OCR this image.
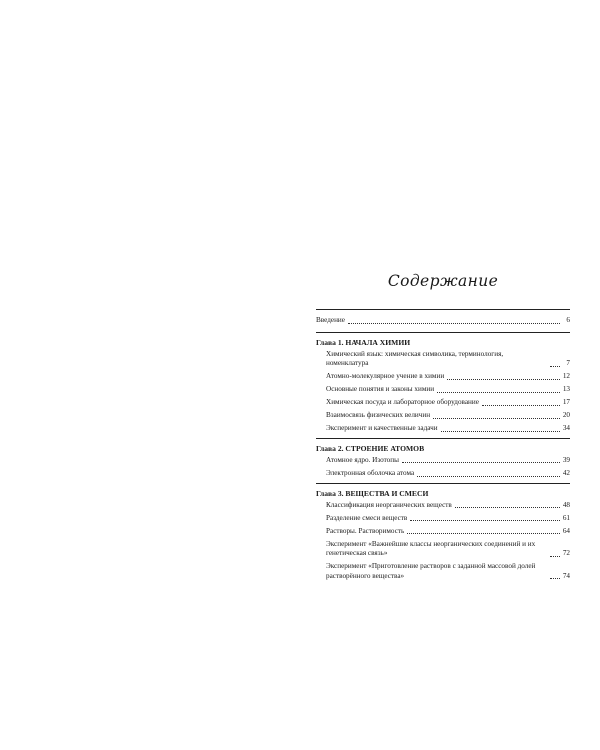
Содержание
Введение	6
Глава 1. НАЧАЛА ХИМИИ
Химический язык: химическая символика, терминология, номенклатура	7
Атомно-молекулярное учение в химии	12
Основные понятия и законы химии	13
Химическая посуда и лабораторное оборудование	17
Взаимосвязь физических величин	20
Эксперимент и качественные задачи	34
Глава 2. СТРОЕНИЕ АТОМОВ
Атомное ядро. Изотопы	39
Электронная оболочка атома	42
Глава 3. ВЕЩЕСТВА И СМЕСИ
Классификация неорганических веществ	48
Разделение смеси веществ	61
Растворы. Растворимость	64
Эксперимент «Важнейшие классы неорганических соединений и их генетическая связь»	72
Эксперимент «Приготовление растворов с заданной массовой долей растворённого вещества»	74
